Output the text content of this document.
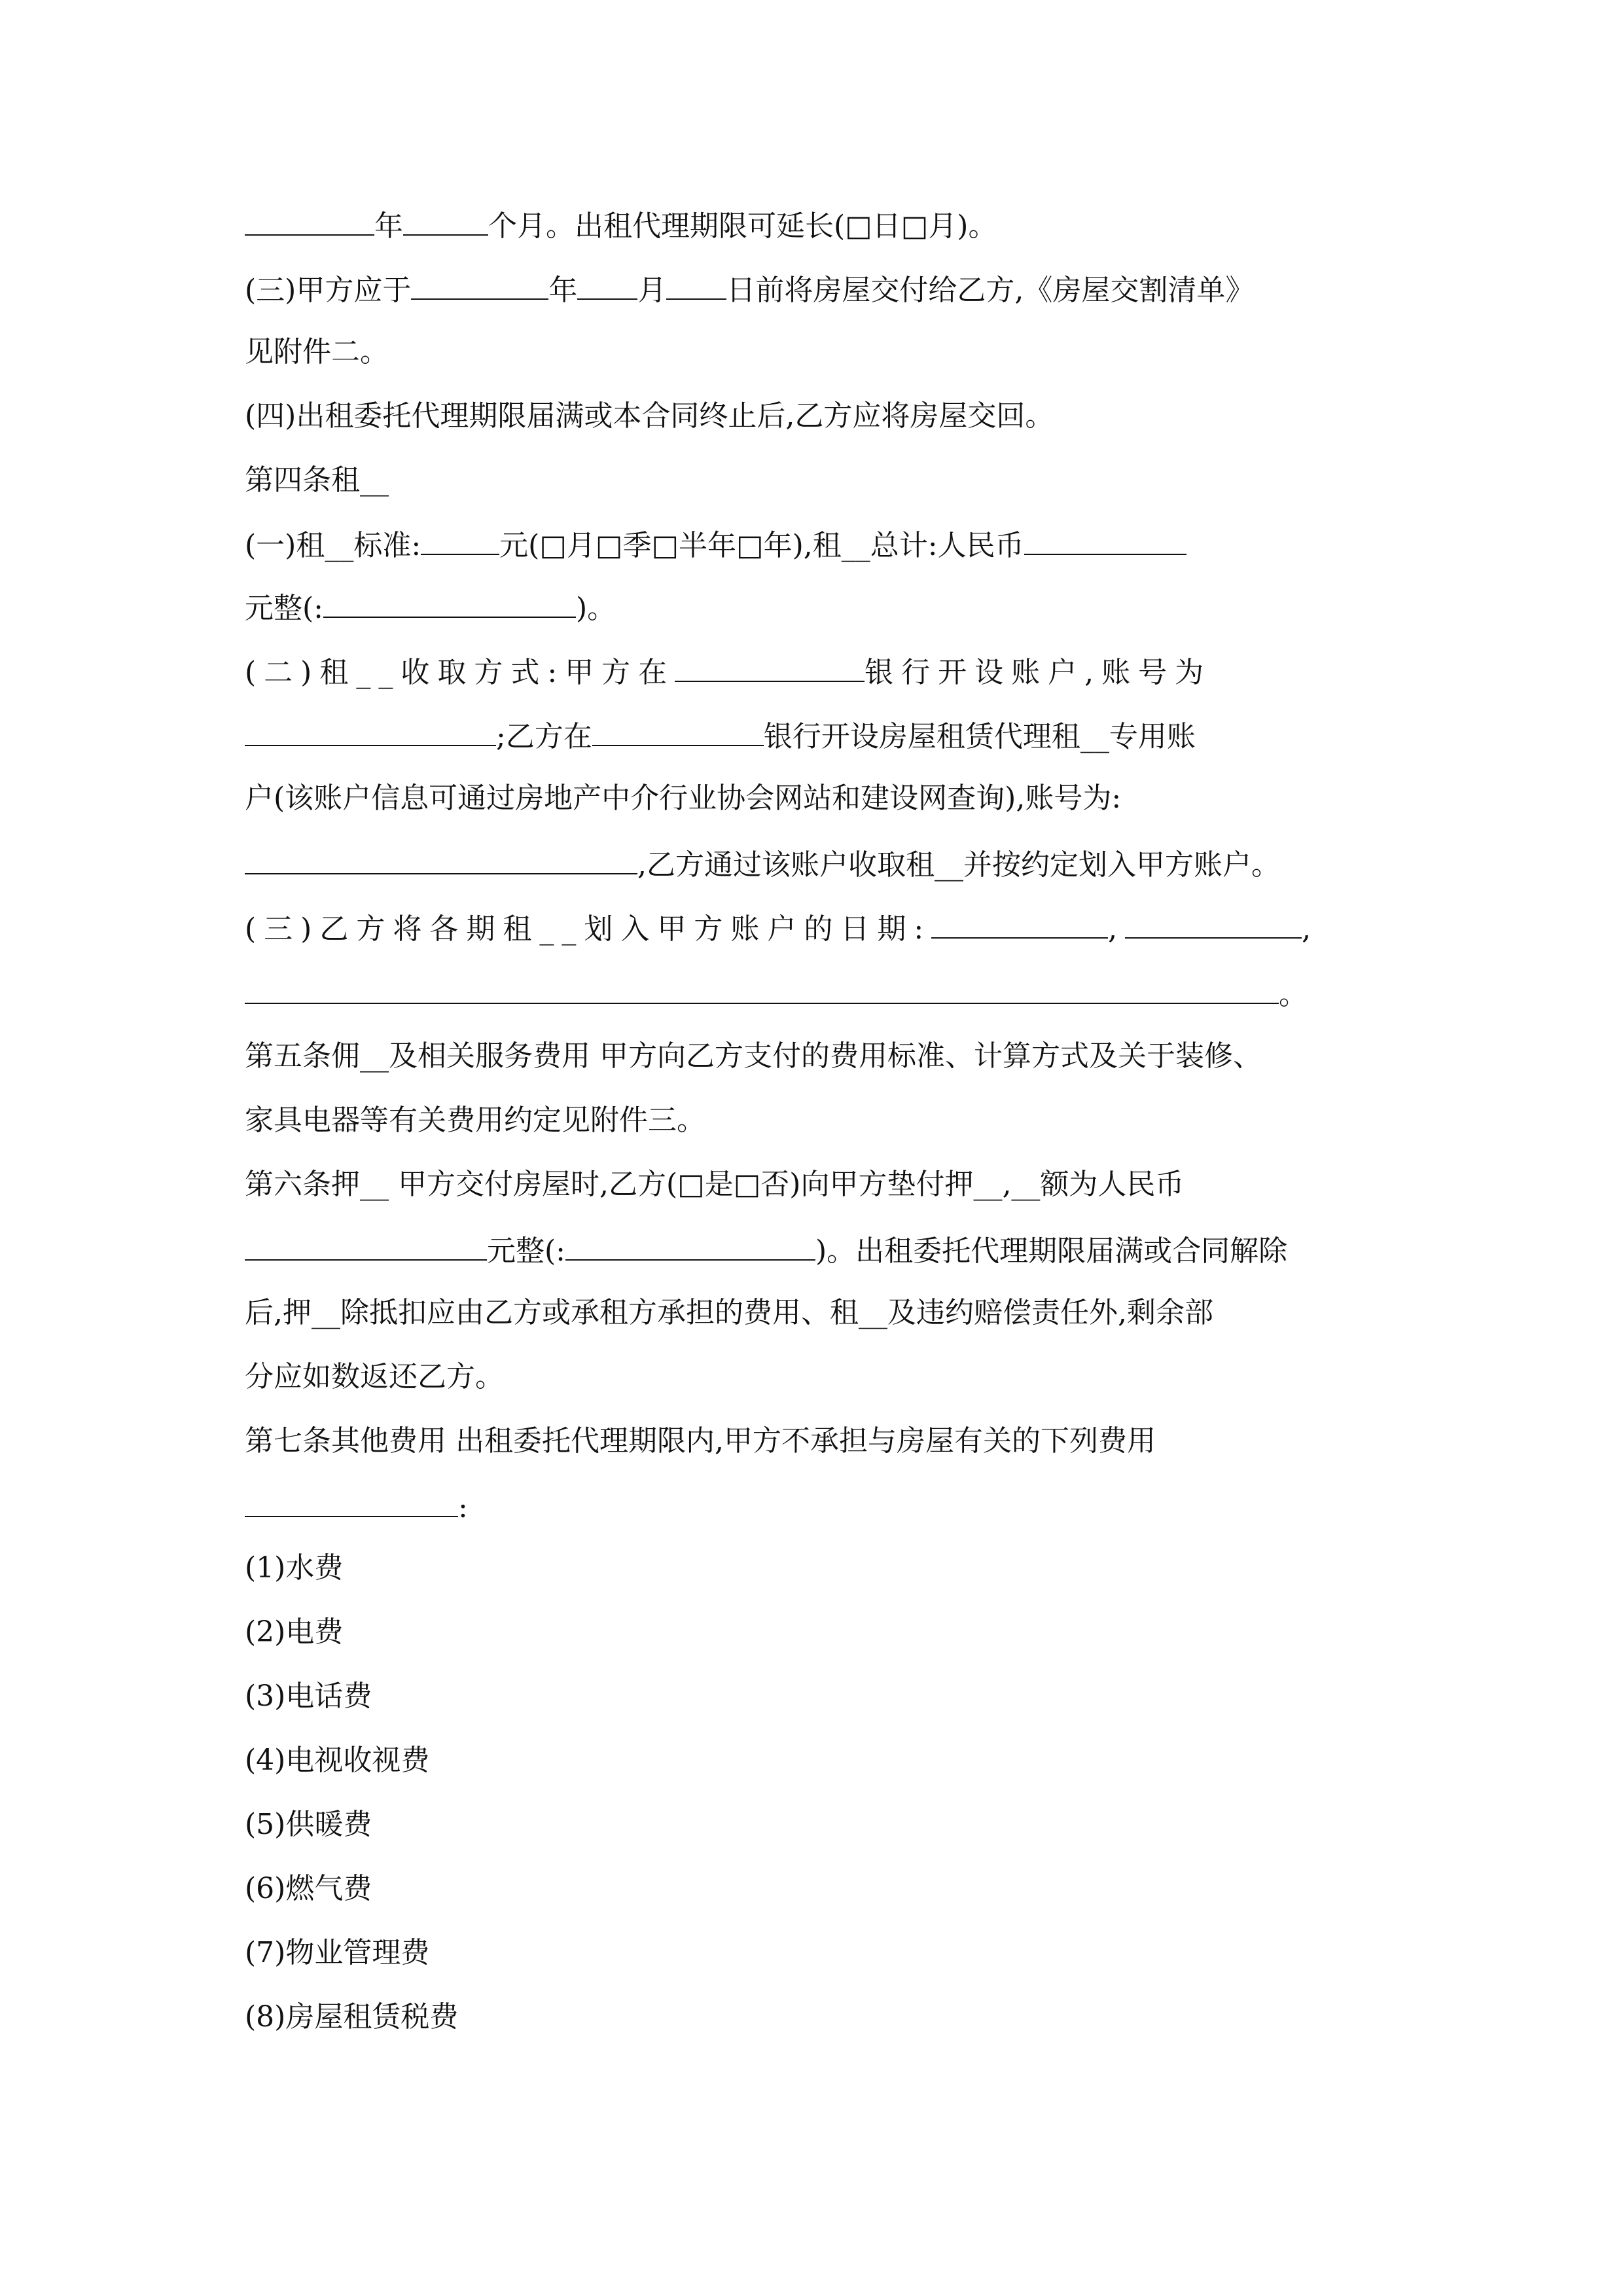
年	个月。出租代理期限可延长(□日□月)。
(三)甲方应于	年 月 日前将房屋交付给乙方,《房屋交割清单》
见附件二。
(四)出租委托代理期限届满或本合同终止后,乙方应将房屋交回。
第四条租__
(一)租__标准:	元(□月□季□半年□年),租__总计:人民币
元整(:	)。
(二)租__收取方式:甲方在	银行开设账户,账号为
;乙方在	银行开设房屋租赁代理租__专用账
户(该账户信息可通过房地产中介行业协会网站和建设网查询),账号为:
,乙方通过该账户收取租__并按约定划入甲方账户。
(三)乙方将各期租__划入甲方账户的日期:	,	,
。
第五条佣__及相关服务费用 甲方向乙方支付的费用标准、计算方式及关于装修、
家具电器等有关费用约定见附件三。
第六条押__ 甲方交付房屋时,乙方(□是□否)向甲方垫付押__,__额为人民币
元整(:	)。出租委托代理期限届满或合同解除
后,押__除抵扣应由乙方或承租方承担的费用、租__及违约赔偿责任外,剩余部
分应如数返还乙方。
第七条其他费用 出租委托代理期限内,甲方不承担与房屋有关的下列费用
:
(1)水费
(2)电费
(3)电话费
(4)电视收视费
(5)供暖费
(6)燃气费
(7)物业管理费
(8)房屋租赁税费
